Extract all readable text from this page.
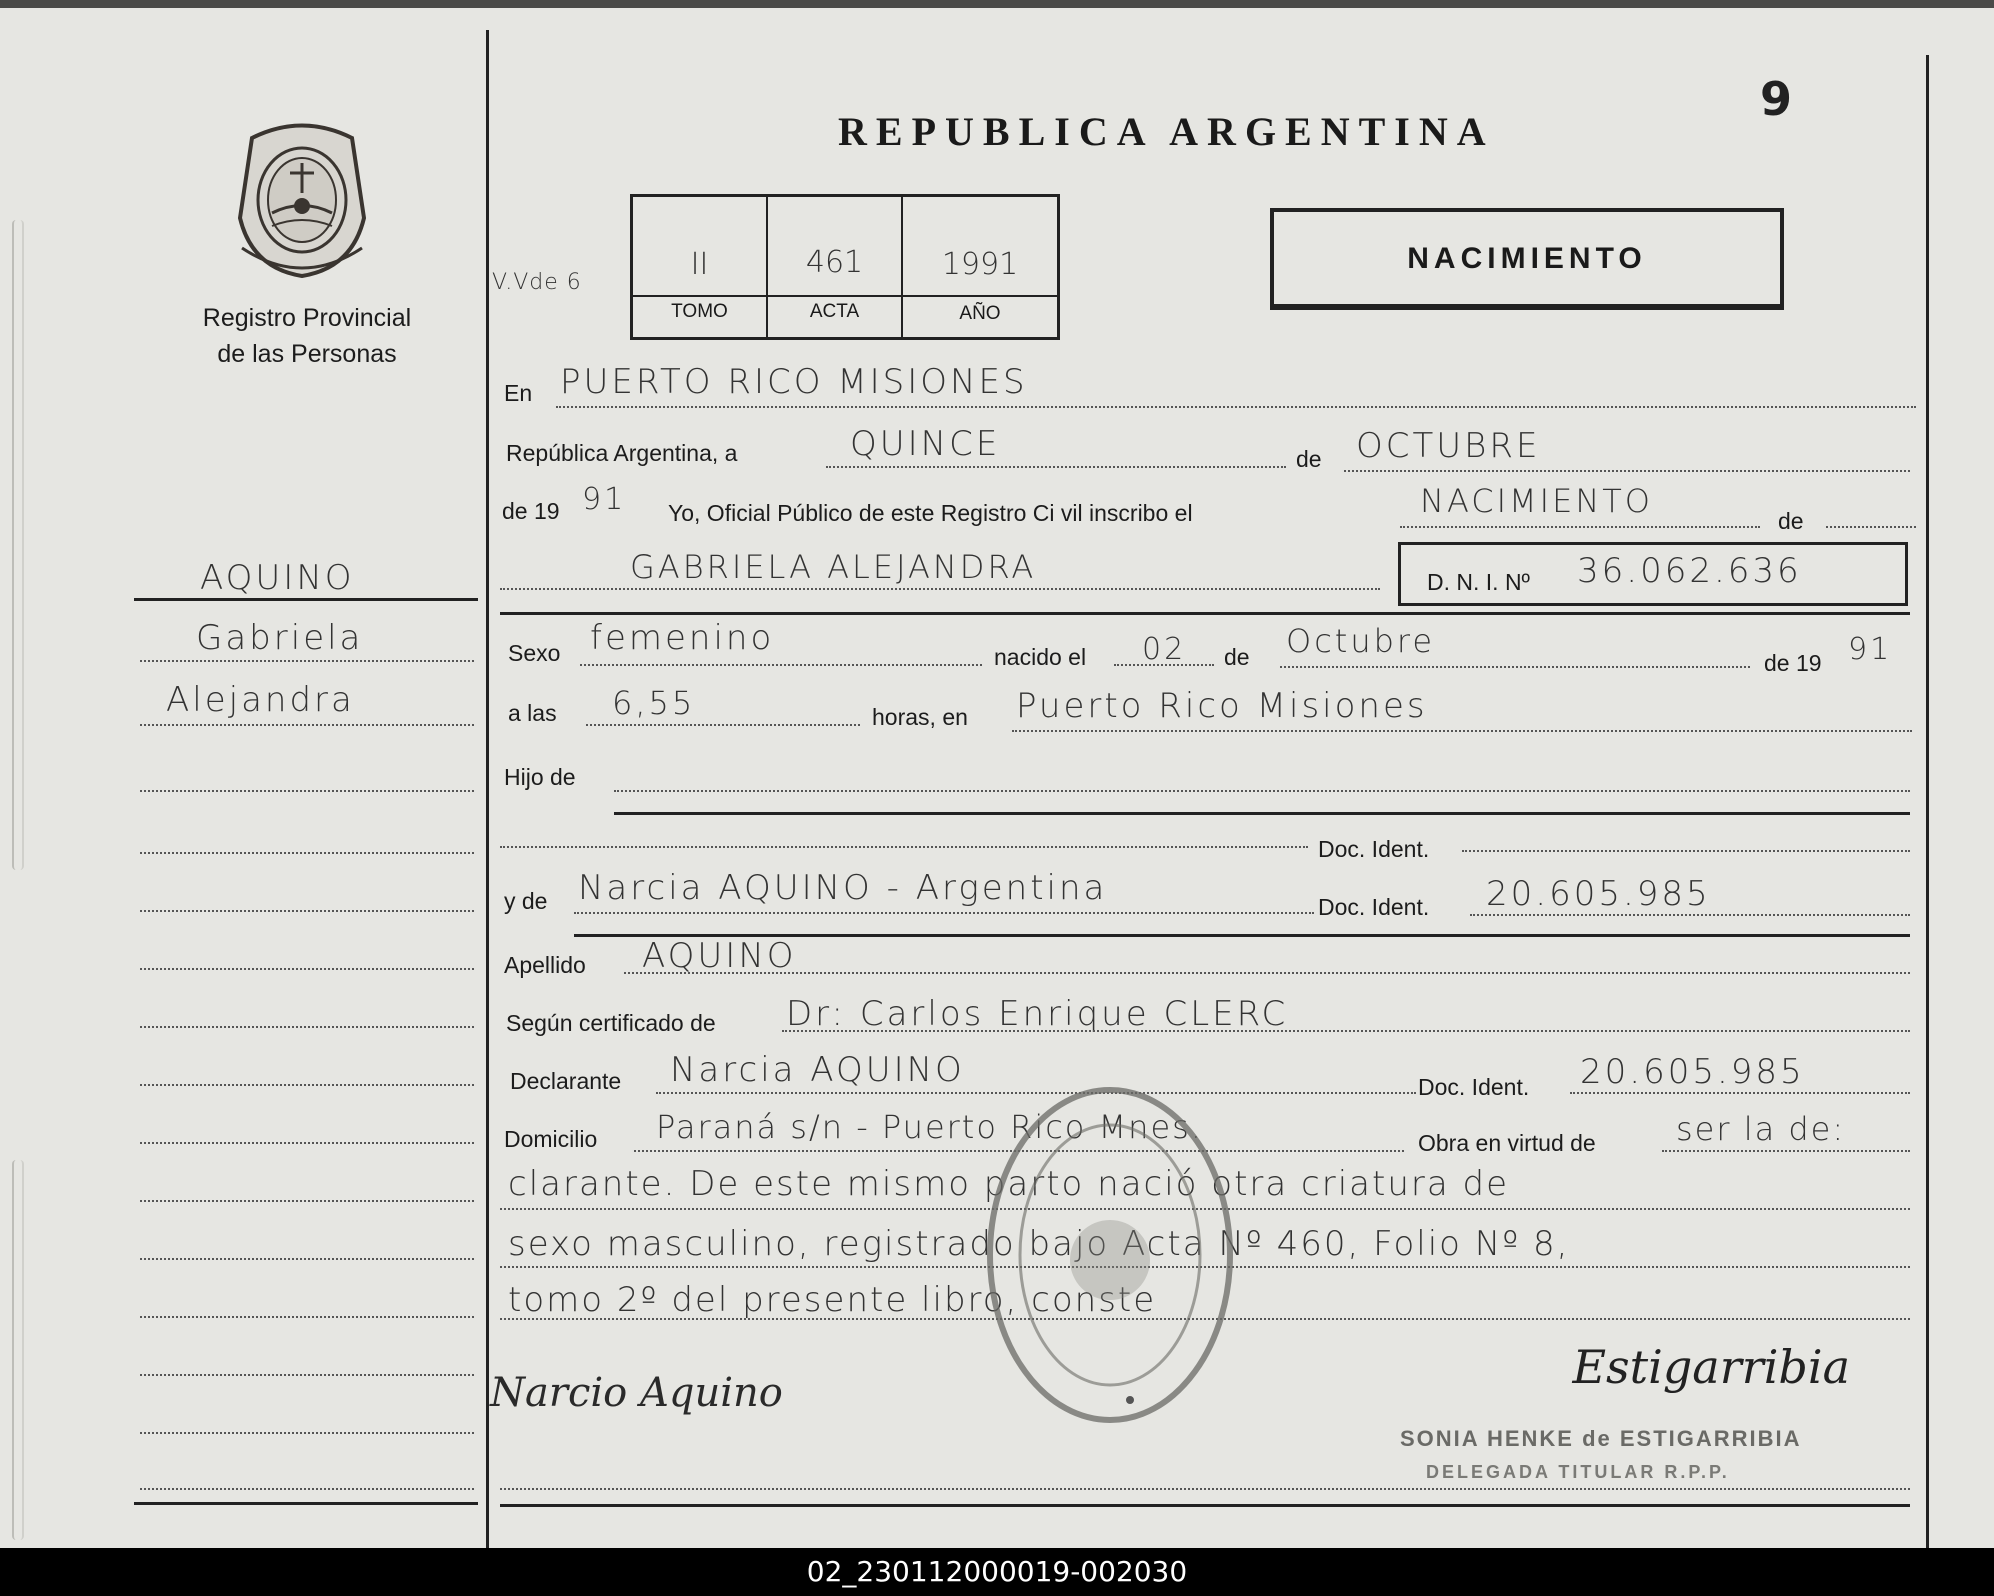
9
Registro Provincial
de las Personas
REPUBLICA ARGENTINA
V.Vde 6
II	461	1991
TOMO	ACTA	AÑO
NACIMIENTO
AQUINO
Gabriela
Alejandra
Narcio Aquino
En PUERTO RICO MISIONES
República Argentina, a	QUINCE	de OCTUBRE
de 19 91 Yo, Oficial Público de este Registro Ci vil inscribo el	NACIMIENTO
de
GABRIELA ALEJANDRA	D. N. I. Nº 36.062.636
Sexo femenino	nacido el 02 de Octubre
de 19 91
a las 6,55	horas, en Puerto Rico Misiones
Hijo de
Doc. Ident.
y de Narcia AQUINO - Argentina	Doc. Ident. 20.605.985
Apellido AQUINO
Según certificado de Dr: Carlos Enrique CLERC
Declarante Narcia AQUINO	Doc. Ident. 20.605.985
Domicilio Paraná s/n - Puerto Rico Mnes.	Obra en virtud de	ser la de:
clarante. De este mismo parto nació otra criatura de
sexo masculino, registrado bajo Acta Nº 460, Folio Nº 8,
tomo 2º del presente libro, conste
Estigarribia
SONIA HENKE de ESTIGARRIBIA
DELEGADA TITULAR R.P.P.
02_230112000019-002030
